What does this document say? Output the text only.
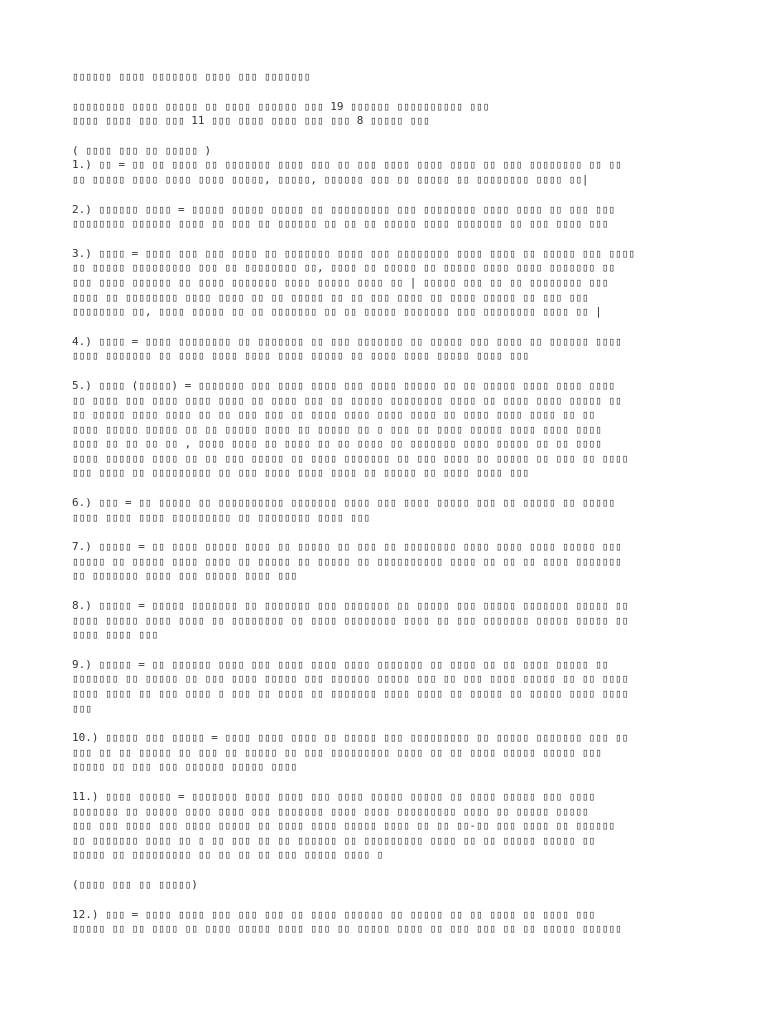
▯▯▯▯▯▯ ▯▯▯▯ ▯▯▯▯▯▯▯ ▯▯▯▯ ▯▯▯ ▯▯▯▯▯▯▯
▯▯▯▯▯▯▯▯ ▯▯▯▯ ▯▯▯▯▯ ▯▯ ▯▯▯▯ ▯▯▯▯▯▯ ▯▯▯ 19 ▯▯▯▯▯▯ ▯▯▯▯▯▯▯▯▯▯ ▯▯▯
▯▯▯▯ ▯▯▯▯ ▯▯▯ ▯▯▯ 11 ▯▯▯ ▯▯▯▯ ▯▯▯▯ ▯▯▯ ▯▯▯ 8 ▯▯▯▯▯ ▯▯▯
( ▯▯▯▯ ▯▯▯ ▯▯ ▯▯▯▯▯ )
1.) ▯▯ = ▯▯ ▯▯ ▯▯▯▯ ▯▯ ▯▯▯▯▯▯▯ ▯▯▯▯ ▯▯▯ ▯▯ ▯▯▯ ▯▯▯▯ ▯▯▯▯ ▯▯▯▯ ▯▯ ▯▯▯ ▯▯▯▯▯▯▯▯ ▯▯ ▯▯
▯▯ ▯▯▯▯▯ ▯▯▯▯ ▯▯▯▯ ▯▯▯▯ ▯▯▯▯▯, ▯▯▯▯▯, ▯▯▯▯▯▯ ▯▯▯ ▯▯ ▯▯▯▯▯ ▯▯ ▯▯▯▯▯▯▯▯ ▯▯▯▯ ▯▯|
2.) ▯▯▯▯▯▯ ▯▯▯▯ = ▯▯▯▯▯ ▯▯▯▯▯ ▯▯▯▯▯ ▯▯ ▯▯▯▯▯▯▯▯▯ ▯▯▯ ▯▯▯▯▯▯▯▯ ▯▯▯▯ ▯▯▯▯ ▯▯ ▯▯▯ ▯▯▯
▯▯▯▯▯▯▯▯ ▯▯▯▯▯▯ ▯▯▯▯ ▯▯ ▯▯▯ ▯▯ ▯▯▯▯▯▯ ▯▯ ▯▯ ▯▯ ▯▯▯▯▯ ▯▯▯▯ ▯▯▯▯▯▯▯ ▯▯ ▯▯▯ ▯▯▯▯ ▯▯▯
3.) ▯▯▯▯ = ▯▯▯▯ ▯▯▯ ▯▯▯ ▯▯▯▯ ▯▯ ▯▯▯▯▯▯▯ ▯▯▯▯ ▯▯▯ ▯▯▯▯▯▯▯▯ ▯▯▯▯ ▯▯▯▯ ▯▯ ▯▯▯▯▯ ▯▯▯ ▯▯▯▯
▯▯ ▯▯▯▯▯ ▯▯▯▯▯▯▯▯▯ ▯▯▯ ▯▯ ▯▯▯▯▯▯▯▯ ▯▯, ▯▯▯▯ ▯▯ ▯▯▯▯▯ ▯▯ ▯▯▯▯▯ ▯▯▯▯ ▯▯▯▯ ▯▯▯▯▯▯▯ ▯▯
▯▯▯ ▯▯▯▯ ▯▯▯▯▯▯ ▯▯ ▯▯▯▯ ▯▯▯▯▯▯▯ ▯▯▯▯ ▯▯▯▯▯ ▯▯▯▯ ▯▯ | ▯▯▯▯▯ ▯▯▯ ▯▯ ▯▯ ▯▯▯▯▯▯▯▯ ▯▯▯
▯▯▯▯ ▯▯ ▯▯▯▯▯▯▯▯ ▯▯▯▯ ▯▯▯▯ ▯▯ ▯▯ ▯▯▯▯▯ ▯▯ ▯▯ ▯▯▯ ▯▯▯▯ ▯▯ ▯▯▯▯ ▯▯▯▯▯ ▯▯ ▯▯▯ ▯▯▯
▯▯▯▯▯▯▯▯ ▯▯, ▯▯▯▯ ▯▯▯▯▯ ▯▯ ▯▯ ▯▯▯▯▯▯▯ ▯▯ ▯▯ ▯▯▯▯▯ ▯▯▯▯▯▯▯ ▯▯▯ ▯▯▯▯▯▯▯▯ ▯▯▯▯ ▯▯ |
4.) ▯▯▯▯ = ▯▯▯▯ ▯▯▯▯▯▯▯▯ ▯▯ ▯▯▯▯▯▯▯ ▯▯ ▯▯▯ ▯▯▯▯▯▯▯ ▯▯ ▯▯▯▯▯ ▯▯▯ ▯▯▯▯ ▯▯ ▯▯▯▯▯▯ ▯▯▯▯
▯▯▯▯ ▯▯▯▯▯▯▯ ▯▯ ▯▯▯▯ ▯▯▯▯ ▯▯▯▯ ▯▯▯▯ ▯▯▯▯▯ ▯▯ ▯▯▯▯ ▯▯▯▯ ▯▯▯▯▯ ▯▯▯▯ ▯▯▯
5.) ▯▯▯▯ (▯▯▯▯▯) = ▯▯▯▯▯▯▯ ▯▯▯ ▯▯▯▯ ▯▯▯▯ ▯▯▯ ▯▯▯▯ ▯▯▯▯▯ ▯▯ ▯▯ ▯▯▯▯▯ ▯▯▯▯ ▯▯▯▯ ▯▯▯▯
▯▯ ▯▯▯▯ ▯▯▯ ▯▯▯▯ ▯▯▯▯ ▯▯▯▯ ▯▯ ▯▯▯▯ ▯▯▯ ▯▯ ▯▯▯▯▯ ▯▯▯▯▯▯▯▯ ▯▯▯▯ ▯▯ ▯▯▯▯ ▯▯▯▯ ▯▯▯▯▯ ▯▯
▯▯ ▯▯▯▯▯ ▯▯▯▯ ▯▯▯▯ ▯▯ ▯▯ ▯▯▯ ▯▯▯ ▯▯ ▯▯▯▯ ▯▯▯▯ ▯▯▯▯ ▯▯▯▯ ▯▯ ▯▯▯▯ ▯▯▯▯ ▯▯▯▯ ▯▯ ▯▯
▯▯▯▯ ▯▯▯▯▯ ▯▯▯▯▯ ▯▯ ▯▯ ▯▯▯▯▯ ▯▯▯▯ ▯▯ ▯▯▯▯▯ ▯▯ ▯ ▯▯▯ ▯▯ ▯▯▯▯ ▯▯▯▯▯ ▯▯▯▯ ▯▯▯▯ ▯▯▯▯
▯▯▯▯ ▯▯ ▯▯ ▯▯ ▯▯ , ▯▯▯▯ ▯▯▯▯ ▯▯ ▯▯▯▯ ▯▯ ▯▯ ▯▯▯▯ ▯▯ ▯▯▯▯▯▯▯ ▯▯▯▯ ▯▯▯▯▯ ▯▯ ▯▯ ▯▯▯▯
▯▯▯▯ ▯▯▯▯▯▯ ▯▯▯▯ ▯▯ ▯▯ ▯▯▯ ▯▯▯▯▯ ▯▯ ▯▯▯▯ ▯▯▯▯▯▯▯ ▯▯ ▯▯▯ ▯▯▯▯ ▯▯ ▯▯▯▯▯ ▯▯ ▯▯▯ ▯▯ ▯▯▯▯
▯▯▯ ▯▯▯▯ ▯▯ ▯▯▯▯▯▯▯▯▯ ▯▯ ▯▯▯ ▯▯▯▯ ▯▯▯▯ ▯▯▯▯ ▯▯ ▯▯▯▯▯ ▯▯ ▯▯▯▯ ▯▯▯▯ ▯▯▯
6.) ▯▯▯ = ▯▯ ▯▯▯▯▯ ▯▯ ▯▯▯▯▯▯▯▯▯▯ ▯▯▯▯▯▯▯ ▯▯▯▯ ▯▯▯ ▯▯▯▯ ▯▯▯▯▯ ▯▯▯ ▯▯ ▯▯▯▯▯ ▯▯ ▯▯▯▯▯
▯▯▯▯ ▯▯▯▯ ▯▯▯▯ ▯▯▯▯▯▯▯▯▯ ▯▯ ▯▯▯▯▯▯▯▯ ▯▯▯▯ ▯▯▯
7.) ▯▯▯▯▯ = ▯▯ ▯▯▯▯ ▯▯▯▯▯ ▯▯▯▯ ▯▯ ▯▯▯▯▯ ▯▯ ▯▯▯ ▯▯ ▯▯▯▯▯▯▯▯ ▯▯▯▯ ▯▯▯▯ ▯▯▯▯ ▯▯▯▯▯ ▯▯▯
▯▯▯▯▯ ▯▯ ▯▯▯▯▯ ▯▯▯▯ ▯▯▯▯ ▯▯ ▯▯▯▯▯ ▯▯ ▯▯▯▯▯ ▯▯ ▯▯▯▯▯▯▯▯▯▯ ▯▯▯▯ ▯▯ ▯▯ ▯▯ ▯▯▯▯ ▯▯▯▯▯▯▯
▯▯ ▯▯▯▯▯▯▯ ▯▯▯▯ ▯▯▯ ▯▯▯▯▯ ▯▯▯▯ ▯▯▯
8.) ▯▯▯▯▯ = ▯▯▯▯▯ ▯▯▯▯▯▯▯ ▯▯ ▯▯▯▯▯▯▯ ▯▯▯ ▯▯▯▯▯▯▯ ▯▯ ▯▯▯▯▯ ▯▯▯ ▯▯▯▯▯ ▯▯▯▯▯▯▯ ▯▯▯▯▯ ▯▯
▯▯▯▯ ▯▯▯▯▯ ▯▯▯▯ ▯▯▯▯ ▯▯ ▯▯▯▯▯▯▯▯ ▯▯ ▯▯▯▯ ▯▯▯▯▯▯▯▯ ▯▯▯▯ ▯▯ ▯▯▯ ▯▯▯▯▯▯▯ ▯▯▯▯▯ ▯▯▯▯▯ ▯▯
▯▯▯▯ ▯▯▯▯ ▯▯▯
9.) ▯▯▯▯▯ = ▯▯ ▯▯▯▯▯▯ ▯▯▯▯ ▯▯▯ ▯▯▯▯ ▯▯▯▯ ▯▯▯▯ ▯▯▯▯▯▯▯ ▯▯ ▯▯▯▯ ▯▯ ▯▯ ▯▯▯▯ ▯▯▯▯▯ ▯▯
▯▯▯▯▯▯▯ ▯▯ ▯▯▯▯▯ ▯▯ ▯▯▯ ▯▯▯▯ ▯▯▯▯▯ ▯▯▯ ▯▯▯▯▯▯ ▯▯▯▯▯ ▯▯▯ ▯▯ ▯▯▯ ▯▯▯▯ ▯▯▯▯▯ ▯▯ ▯▯ ▯▯▯▯
▯▯▯▯ ▯▯▯▯ ▯▯ ▯▯▯ ▯▯▯▯ ▯ ▯▯▯ ▯▯ ▯▯▯▯ ▯▯ ▯▯▯▯▯▯▯ ▯▯▯▯ ▯▯▯▯ ▯▯ ▯▯▯▯▯ ▯▯ ▯▯▯▯▯ ▯▯▯▯ ▯▯▯▯
▯▯▯
10.) ▯▯▯▯▯ ▯▯▯ ▯▯▯▯▯ = ▯▯▯▯ ▯▯▯▯ ▯▯▯▯ ▯▯ ▯▯▯▯▯ ▯▯▯ ▯▯▯▯▯▯▯▯▯ ▯▯ ▯▯▯▯▯ ▯▯▯▯▯▯▯ ▯▯▯ ▯▯
▯▯▯ ▯▯ ▯▯ ▯▯▯▯▯ ▯▯ ▯▯▯ ▯▯ ▯▯▯▯▯ ▯▯ ▯▯▯ ▯▯▯▯▯▯▯▯▯ ▯▯▯▯ ▯▯ ▯▯ ▯▯▯▯ ▯▯▯▯▯ ▯▯▯▯▯ ▯▯▯
▯▯▯▯▯ ▯▯ ▯▯▯ ▯▯▯ ▯▯▯▯▯▯ ▯▯▯▯▯ ▯▯▯▯
11.) ▯▯▯▯ ▯▯▯▯▯ = ▯▯▯▯▯▯▯ ▯▯▯▯ ▯▯▯▯ ▯▯▯ ▯▯▯▯ ▯▯▯▯▯ ▯▯▯▯▯ ▯▯ ▯▯▯▯ ▯▯▯▯▯ ▯▯▯ ▯▯▯▯
▯▯▯▯▯▯▯ ▯▯ ▯▯▯▯▯ ▯▯▯▯ ▯▯▯▯ ▯▯▯ ▯▯▯▯▯▯▯ ▯▯▯▯ ▯▯▯▯ ▯▯▯▯▯▯▯▯▯ ▯▯▯▯ ▯▯ ▯▯▯▯▯ ▯▯▯▯▯
▯▯▯ ▯▯▯ ▯▯▯▯ ▯▯▯ ▯▯▯▯ ▯▯▯▯▯ ▯▯ ▯▯▯▯ ▯▯▯▯ ▯▯▯▯▯ ▯▯▯▯ ▯▯ ▯▯ ▯▯-▯▯ ▯▯▯ ▯▯▯▯ ▯▯ ▯▯▯▯▯▯
▯▯ ▯▯▯▯▯▯▯ ▯▯▯▯ ▯▯ ▯ ▯▯ ▯▯▯ ▯▯ ▯▯ ▯▯▯▯▯▯ ▯▯ ▯▯▯▯▯▯▯▯▯ ▯▯▯▯ ▯▯ ▯▯ ▯▯▯▯▯ ▯▯▯▯▯ ▯▯
▯▯▯▯▯ ▯▯ ▯▯▯▯▯▯▯▯▯ ▯▯ ▯▯ ▯▯ ▯▯ ▯▯▯ ▯▯▯▯▯ ▯▯▯▯ ▯
(▯▯▯▯ ▯▯▯ ▯▯ ▯▯▯▯▯)
12.) ▯▯▯ = ▯▯▯▯ ▯▯▯▯ ▯▯▯ ▯▯▯ ▯▯▯ ▯▯ ▯▯▯▯ ▯▯▯▯▯▯ ▯▯ ▯▯▯▯▯ ▯▯ ▯▯ ▯▯▯▯ ▯▯ ▯▯▯▯ ▯▯▯
▯▯▯▯▯ ▯▯ ▯▯ ▯▯▯▯ ▯▯ ▯▯▯▯ ▯▯▯▯▯ ▯▯▯▯ ▯▯▯ ▯▯ ▯▯▯▯▯ ▯▯▯▯ ▯▯ ▯▯▯ ▯▯▯ ▯▯ ▯▯ ▯▯▯▯▯ ▯▯▯▯▯▯
